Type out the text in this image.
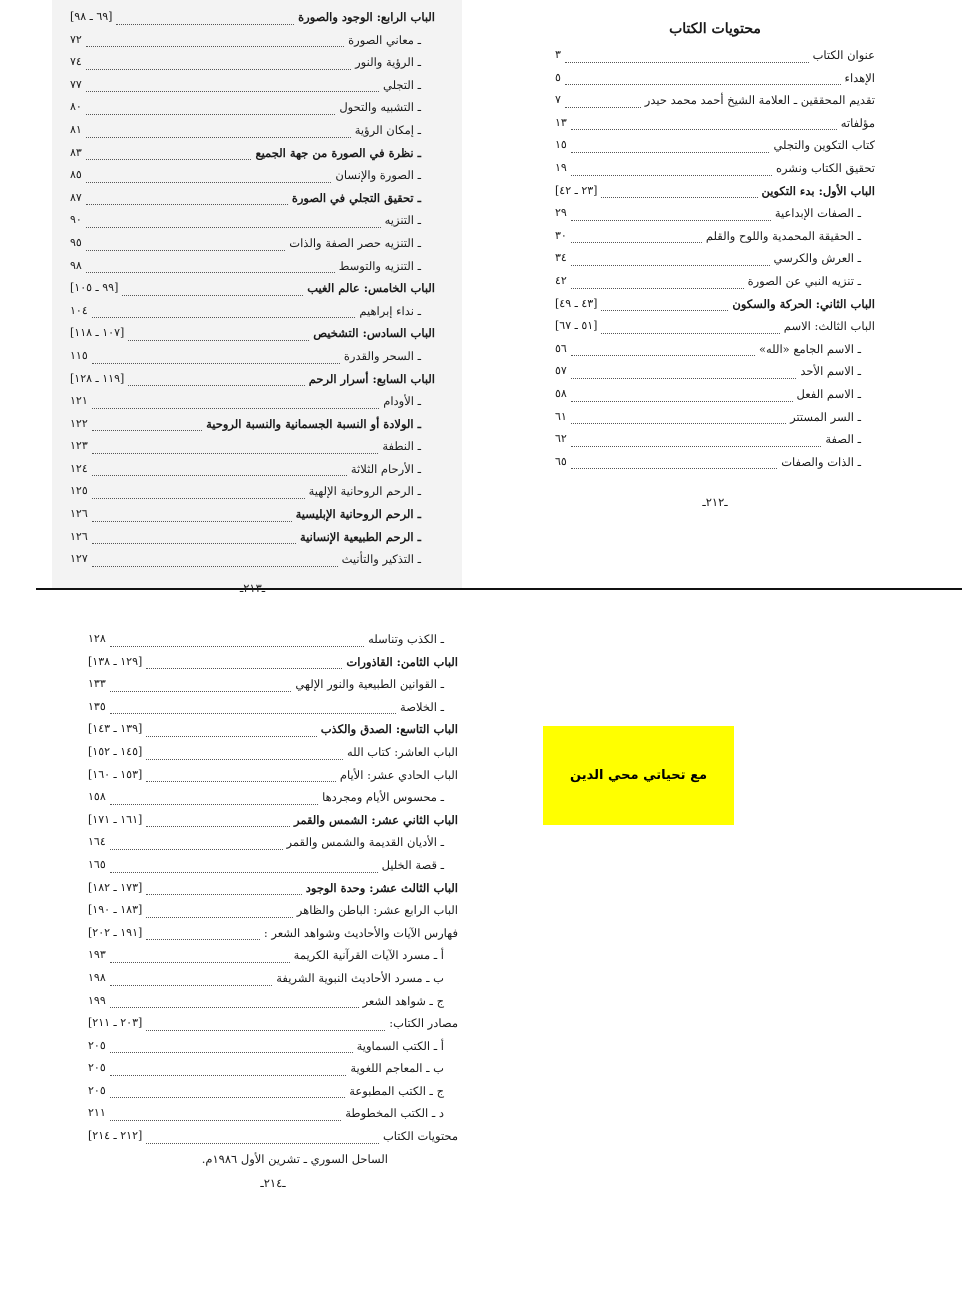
محتويات الكتاب
عنوان الكتاب
٣
الإهداء
٥
تقديم المحققين ـ العلامة الشيخ أحمد محمد حيدر
٧
مؤلفاته
١٣
كتاب التكوين والتجلي
١٥
تحقيق الكتاب ونشره
١٩
الباب الأول: بدء التكوين
[٢٣ ـ ٤٢]
ـ الصفات الإبداعية
٢٩
ـ الحقيقة المحمدية واللوح والقلم
٣٠
ـ العرش والكرسي
٣٤
ـ تنزيه النبي عن الصورة
٤٢
الباب الثاني: الحركة والسكون
[٤٣ ـ ٤٩]
الباب الثالث: الاسم
[٥١ ـ ٦٧]
ـ الاسم الجامع «الله»
٥٦
ـ الاسم الأحد
٥٧
ـ الاسم الفعل
٥٨
ـ السر المستتر
٦١
ـ الصفة
٦٢
ـ الذات والصفات
٦٥
ـ٢١٢ـ
الباب الرابع: الوجود والصورة
[٦٩ ـ ٩٨]
ـ معاني الصورة
٧٢
ـ الرؤية والنور
٧٤
ـ التجلي
٧٧
ـ التشبيه والتحول
٨٠
ـ إمكان الرؤية
٨١
ـ نظرة في الصورة من جهة الجميع
٨٣
ـ الصورة والإنسان
٨٥
ـ تحقيق التجلي في الصورة
٨٧
ـ التنزيه
٩٠
ـ التنزيه حصر الصفة والذات
٩٥
ـ التنزيه والتوسط
٩٨
الباب الخامس: عالم الغيب
[٩٩ ـ ١٠٥]
ـ نداء إبراهيم
١٠٤
الباب السادس: التشخيص
[١٠٧ ـ ١١٨]
ـ السحر والقدرة
١١٥
الباب السابع: أسرار الرحم
[١١٩ ـ ١٢٨]
ـ الأودام
١٢١
ـ الولادة أو النسبة الجسمانية والنسبة الروحية
١٢٢
ـ النطفة
١٢٣
ـ الأرحام الثلاثة
١٢٤
ـ الرحم الروحانية الإلهية
١٢٥
ـ الرحم الروحانية الإبليسية
١٢٦
ـ الرحم الطبيعية الإنسانية
١٢٦
ـ التذكير والتأنيث
١٢٧
ـ٢١٣ـ
ـ الكذب وتناسله
١٢٨
الباب الثامن: القاذورات
[١٢٩ ـ ١٣٨]
ـ القوانين الطبيعية والنور الإلهي
١٣٣
ـ الخلاصة
١٣٥
الباب التاسع: الصدق والكذب
[١٣٩ ـ ١٤٣]
الباب العاشر: كتاب الله
[١٤٥ ـ ١٥٢]
الباب الحادي عشر: الأيام
[١٥٣ ـ ١٦٠]
ـ محسوس الأيام ومجردها
١٥٨
الباب الثاني عشر: الشمس والقمر
[١٦١ ـ ١٧١]
ـ الأديان القديمة والشمس والقمر
١٦٤
ـ قصة الخليل
١٦٥
الباب الثالث عشر: وحدة الوجود
[١٧٣ ـ ١٨٢]
الباب الرابع عشر: الباطن والظاهر
[١٨٣ ـ ١٩٠]
فهارس الآيات والأحاديث وشواهد الشعر :
[١٩١ ـ ٢٠٢]
أ ـ مسرد الآيات القرآنية الكريمة
١٩٣
ب ـ مسرد الأحاديث النبوية الشريفة
١٩٨
ج ـ شواهد الشعر
١٩٩
مصادر الكتاب:
[٢٠٣ ـ ٢١١]
أ ـ الكتب السماوية
٢٠٥
ب ـ المعاجم اللغوية
٢٠٥
ج ـ الكتب المطبوعة
٢٠٥
د ـ الكتب المخطوطة
٢١١
محتويات الكتاب
[٢١٢ ـ ٢١٤]
الساحل السوري ـ تشرين الأول ١٩٨٦م.
ـ٢١٤ـ
مع تحياتي محي الدين
